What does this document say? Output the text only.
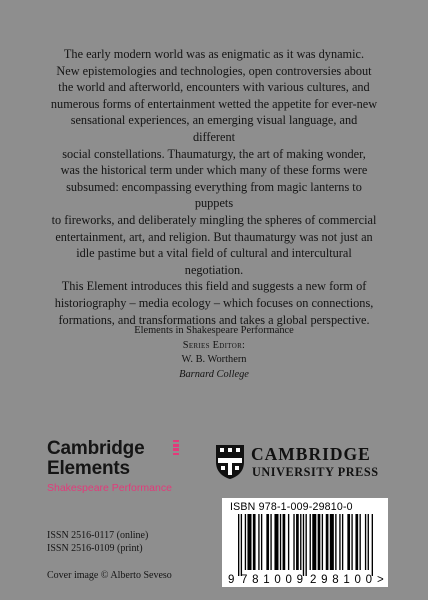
The early modern world was as enigmatic as it was dynamic.
New epistemologies and technologies, open controversies about
the world and afterworld, encounters with various cultures, and
numerous forms of entertainment wetted the appetite for ever-new
sensational experiences, an emerging visual language, and different
social constellations. Thaumaturgy, the art of making wonder,
was the historical term under which many of these forms were
subsumed: encompassing everything from magic lanterns to puppets
to fireworks, and deliberately mingling the spheres of commercial
entertainment, art, and religion. But thaumaturgy was not just an
idle pastime but a vital field of cultural and intercultural negotiation.
This Element introduces this field and suggests a new form of
historiography – media ecology – which focuses on connections,
formations, and transformations and takes a global perspective.
Elements in Shakespeare Performance
Series Editor:
W. B. Worthern
Barnard College
Cambridge
Elements
Shakespeare Performance
CAMBRIDGE
UNIVERSITY PRESS
ISSN 2516-0117 (online)
ISSN 2516-0109 (print)
Cover image © Alberto Seveso	9 781009 298100 >
ISBN 978-1-009-29810-0
